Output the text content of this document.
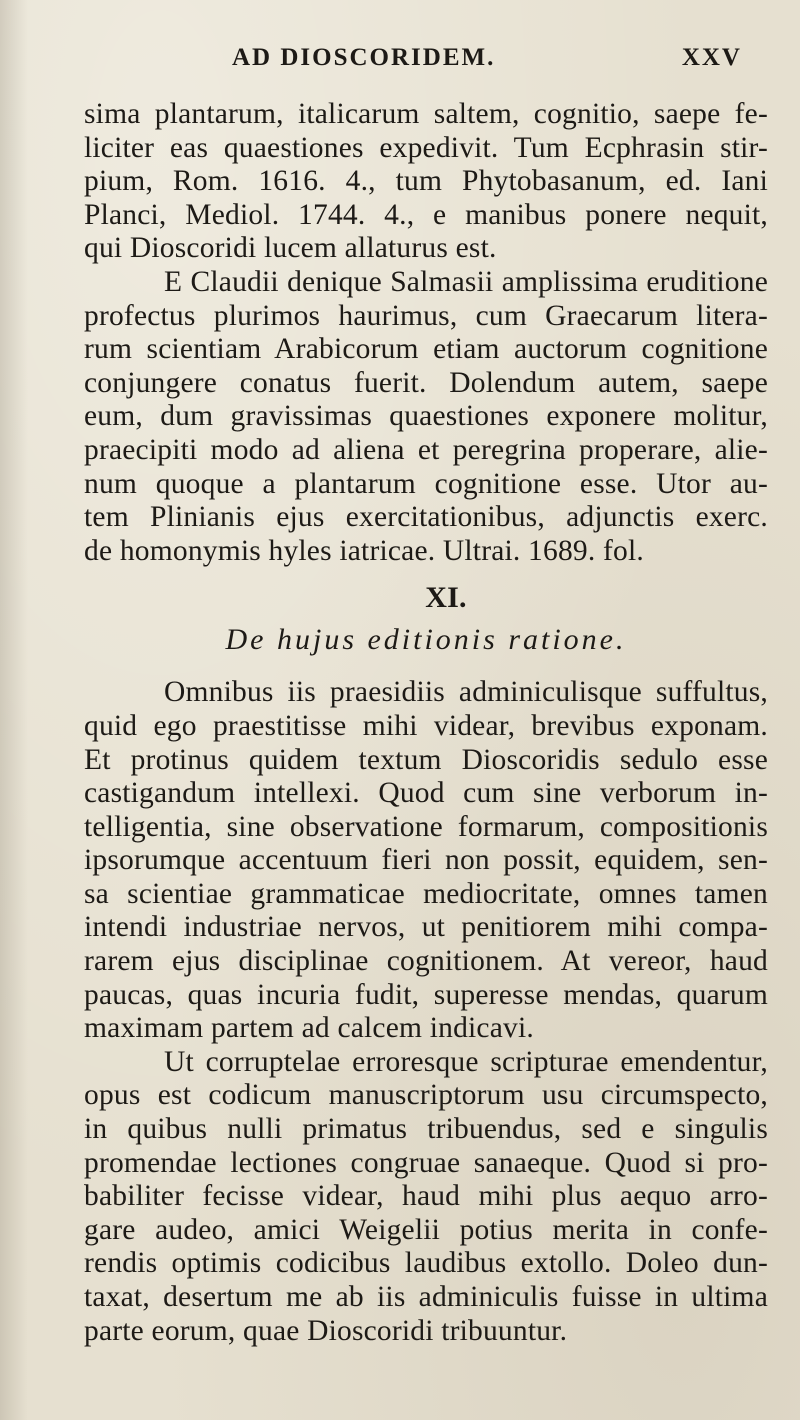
AD DIOSCORIDEM.	XXV
sima plantarum, italicarum saltem, cognitio, saepe fe-
liciter eas quaestiones expedivit. Tum Ecphrasin stir-
pium, Rom. 1616. 4., tum Phytobasanum, ed. Iani
Planci, Mediol. 1744. 4., e manibus ponere nequit,
qui Dioscoridi lucem allaturus est.
E Claudii denique Salmasii amplissima eruditione
profectus plurimos haurimus, cum Graecarum litera-
rum scientiam Arabicorum etiam auctorum cognitione
conjungere conatus fuerit. Dolendum autem, saepe
eum, dum gravissimas quaestiones exponere molitur,
praecipiti modo ad aliena et peregrina properare, alie-
num quoque a plantarum cognitione esse. Utor au-
tem Plinianis ejus exercitationibus, adjunctis exerc.
de homonymis hyles iatricae. Ultrai. 1689. fol.
XI.
De hujus editionis ratione.
Omnibus iis praesidiis adminiculisque suffultus,
quid ego praestitisse mihi videar, brevibus exponam.
Et protinus quidem textum Dioscoridis sedulo esse
castigandum intellexi. Quod cum sine verborum in-
telligentia, sine observatione formarum, compositionis
ipsorumque accentuum fieri non possit, equidem, sen-
sa scientiae grammaticae mediocritate, omnes tamen
intendi industriae nervos, ut penitiorem mihi compa-
rarem ejus disciplinae cognitionem. At vereor, haud
paucas, quas incuria fudit, superesse mendas, quarum
maximam partem ad calcem indicavi.
Ut corruptelae erroresque scripturae emendentur,
opus est codicum manuscriptorum usu circumspecto,
in quibus nulli primatus tribuendus, sed e singulis
promendae lectiones congruae sanaeque. Quod si pro-
babiliter fecisse videar, haud mihi plus aequo arro-
gare audeo, amici Weigelii potius merita in confe-
rendis optimis codicibus laudibus extollo. Doleo dun-
taxat, desertum me ab iis adminiculis fuisse in ultima
parte eorum, quae Dioscoridi tribuuntur.
